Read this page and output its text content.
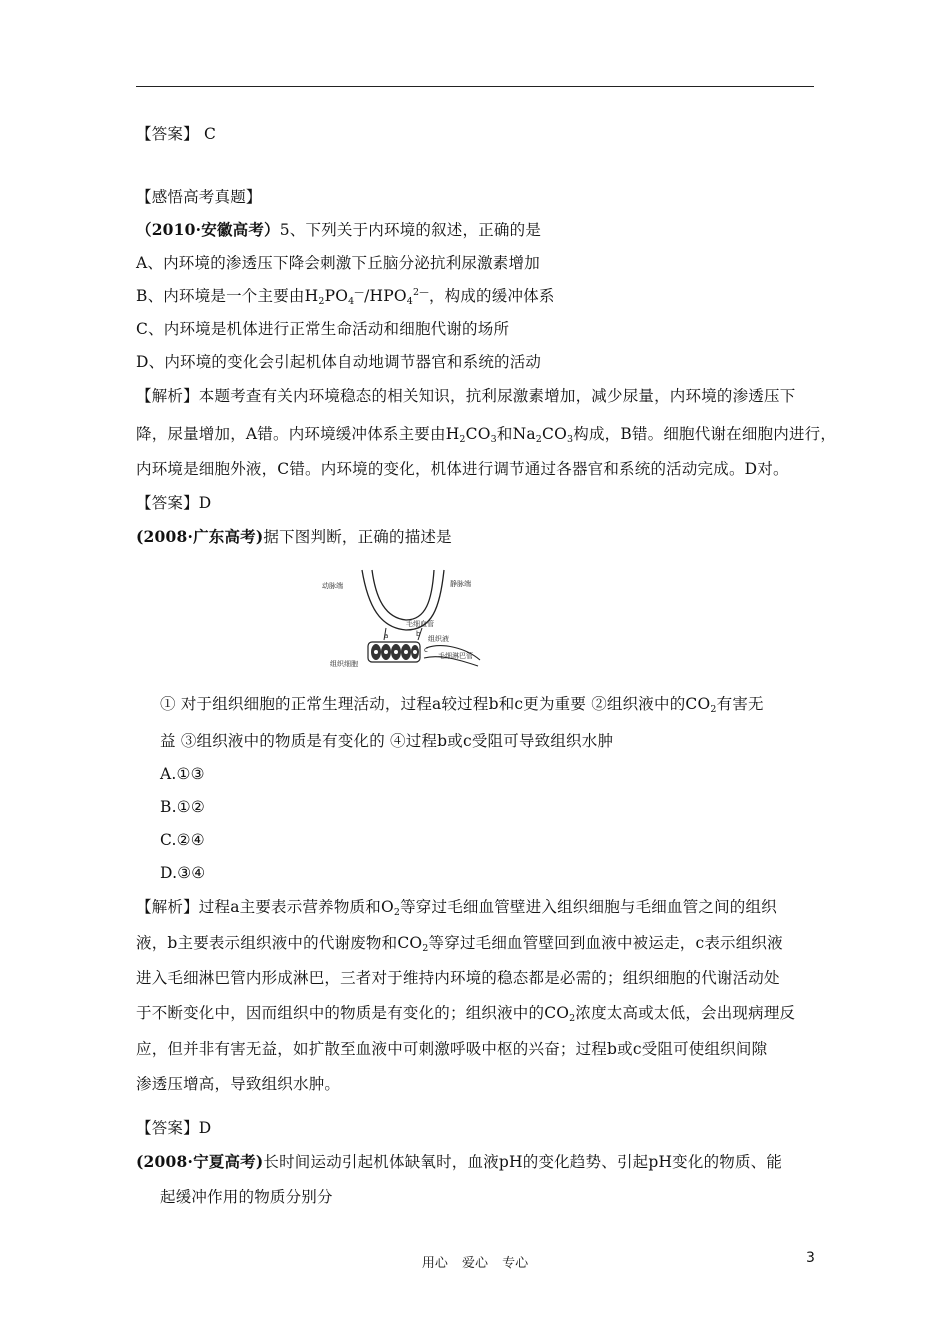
【答案】 C
【感悟高考真题】
（2010·安徽高考）5、下列关于内环境的叙述，正确的是
A、内环境的渗透压下降会刺激下丘脑分泌抗利尿激素增加
B、内环境是一个主要由$H_2PO_4^—/HPO_4^{2—}$，构成的缓冲体系
C、内环境是机体进行正常生命活动和细胞代谢的场所
D、内环境的变化会引起机体自动地调节器官和系统的活动
【解析】本题考查有关内环境稳态的相关知识，抗利尿激素增加，减少尿量，内环境的渗透压下
降，尿量增加，A错。内环境缓冲体系主要由$H_2CO_3$和$Na_2CO_3$构成，B错。细胞代谢在细胞内进行，
内环境是细胞外液，C错。内环境的变化，机体进行调节通过各器官和系统的活动完成。D对。
【答案】D
(2008·广东高考)据下图判断，正确的描述是
动脉端	静脉端
毛细血管
组织液
毛细淋巴管
组织细胞
a	b
c
① 对于组织细胞的正常生理活动，过程a较过程b和c更为重要 ②组织液中的$CO_2$有害无
益 ③组织液中的物质是有变化的 ④过程b或c受阻可导致组织水肿
A.①③
B.①②
C.②④
D.③④
【解析】过程a主要表示营养物质和$O_2$等穿过毛细血管壁进入组织细胞与毛细血管之间的组织
液，b主要表示组织液中的代谢废物和$CO_2$等穿过毛细血管壁回到血液中被运走，c表示组织液
进入毛细淋巴管内形成淋巴，三者对于维持内环境的稳态都是必需的；组织细胞的代谢活动处
于不断变化中，因而组织中的物质是有变化的；组织液中的$CO_2$浓度太高或太低，会出现病理反
应，但并非有害无益，如扩散至血液中可刺激呼吸中枢的兴奋；过程b或c受阻可使组织间隙
渗透压增高，导致组织水肿。
【答案】D
(2008·宁夏高考)长时间运动引起机体缺氧时，血液pH的变化趋势、引起pH变化的物质、能
起缓冲作用的物质分别分
用心 爱心 专心	3
